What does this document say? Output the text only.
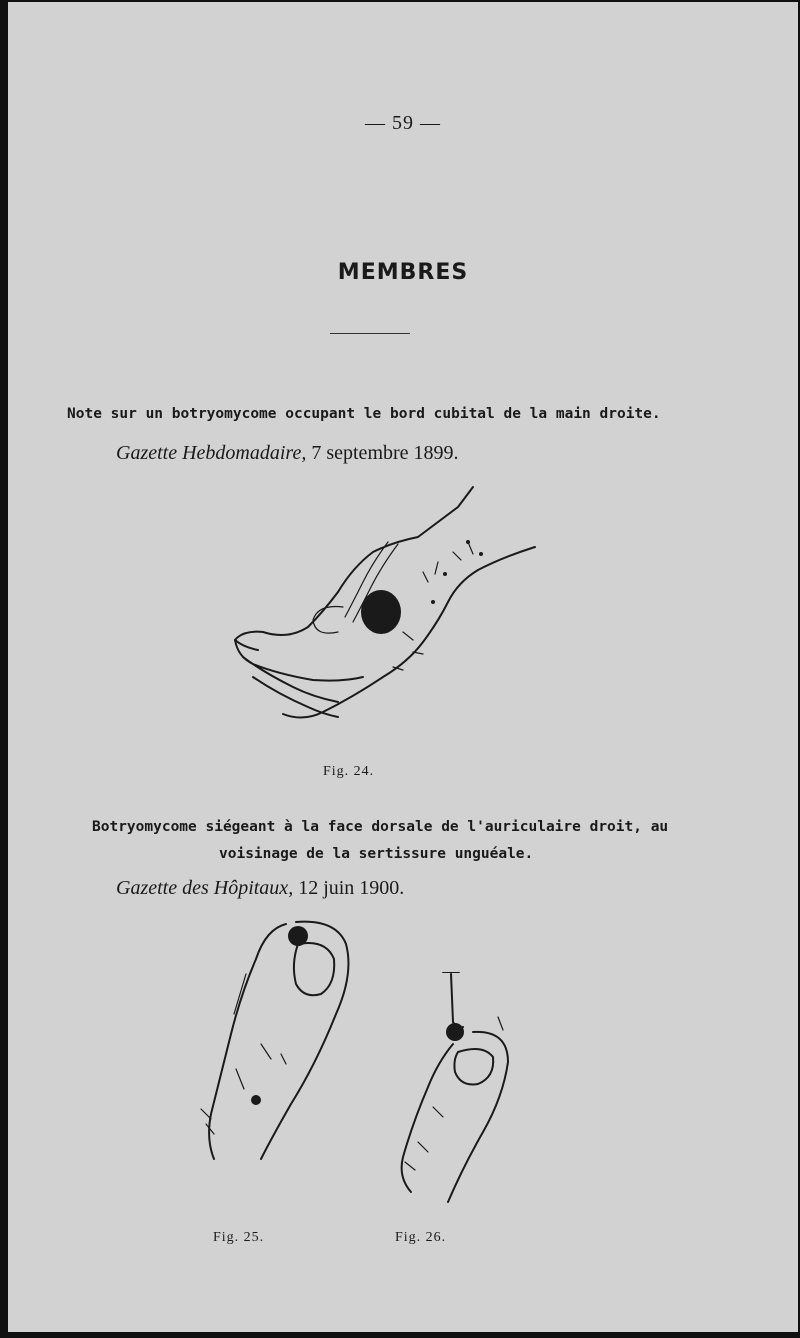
— 59 —
MEMBRES
Note sur un botryomycome occupant le bord cubital de la main droite.
Gazette Hebdomadaire, 7 septembre 1899.
Fig. 24.
Botryomycome siégeant à la face dorsale de l'auriculaire droit, au
voisinage de la sertissure unguéale.
Gazette des Hôpitaux, 12 juin 1900.
Fig. 25.	Fig. 26.
